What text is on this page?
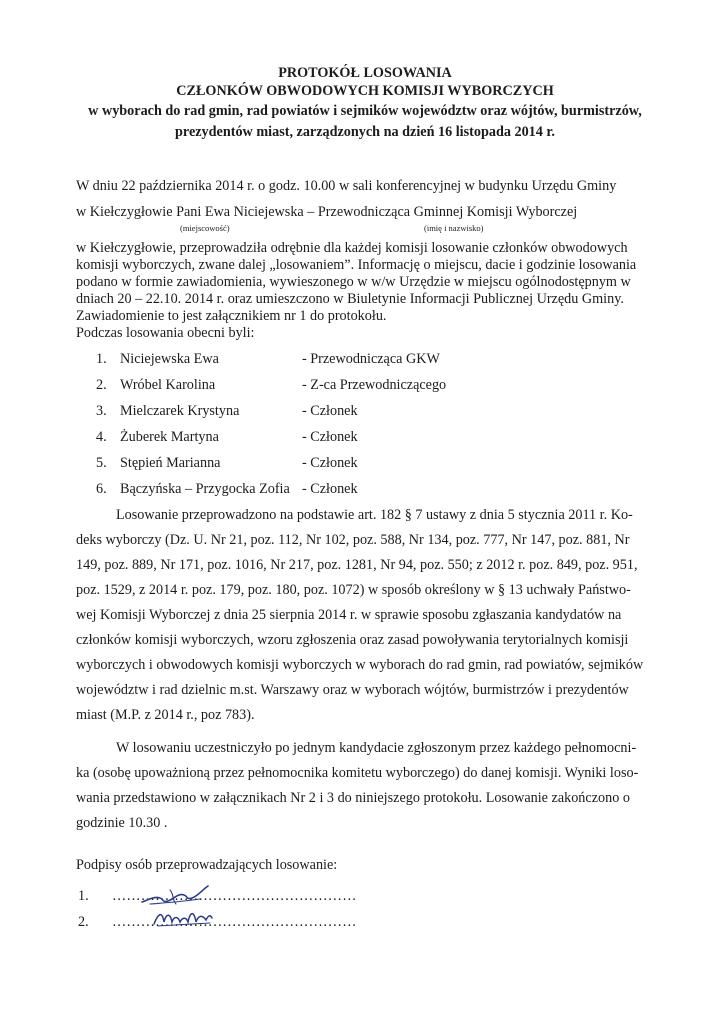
PROTOKÓŁ LOSOWANIA
CZŁONKÓW OBWODOWYCH KOMISJI WYBORCZYCH
w wyborach do rad gmin, rad powiatów i sejmików województw oraz wójtów, burmistrzów,
prezydentów miast, zarządzonych na dzień 16 listopada 2014 r.
W dniu 22 października 2014 r. o godz. 10.00 w sali konferencyjnej w budynku Urzędu Gminy
w Kiełczygłowie Pani Ewa Niciejewska – Przewodnicząca Gminnej Komisji Wyborczej
(miejscowość)	(imię i nazwisko)
w Kiełczygłowie, przeprowadziła odrębnie dla każdej komisji losowanie członków obwodowych
komisji wyborczych, zwane dalej „losowaniem”. Informację o miejscu, dacie i godzinie losowania
podano w formie zawiadomienia, wywieszonego w w/w Urzędzie w miejscu ogólnodostępnym w
dniach 20 – 22.10. 2014 r. oraz umieszczono w Biuletynie Informacji Publicznej Urzędu Gminy.
Zawiadomienie to jest załącznikiem nr 1 do protokołu.
Podczas losowania obecni byli:
1. Niciejewska Ewa	- Przewodnicząca GKW
2. Wróbel Karolina	- Z-ca Przewodniczącego
3. Mielczarek Krystyna	- Członek
4. Żuberek Martyna	- Członek
5. Stępień Marianna	- Członek
6. Bączyńska – Przygocka Zofia - Członek
Losowanie przeprowadzono na podstawie art. 182 § 7 ustawy z dnia 5 stycznia 2011 r. Ko-
deks wyborczy (Dz. U. Nr 21, poz. 112, Nr 102, poz. 588, Nr 134, poz. 777, Nr 147, poz. 881, Nr
149, poz. 889, Nr 171, poz. 1016, Nr 217, poz. 1281, Nr 94, poz. 550; z 2012 r. poz. 849, poz. 951,
poz. 1529, z 2014 r. poz. 179, poz. 180, poz. 1072) w sposób określony w § 13 uchwały Państwo-
wej Komisji Wyborczej z dnia 25 sierpnia 2014 r. w sprawie sposobu zgłaszania kandydatów na
członków komisji wyborczych, wzoru zgłoszenia oraz zasad powoływania terytorialnych komisji
wyborczych i obwodowych komisji wyborczych w wyborach do rad gmin, rad powiatów, sejmików
województw i rad dzielnic m.st. Warszawy oraz w wyborach wójtów, burmistrzów i prezydentów
miast (M.P. z 2014 r., poz 783).
W losowaniu uczestniczyło po jednym kandydacie zgłoszonym przez każdego pełnomocni-
ka (osobę upoważnioną przez pełnomocnika komitetu wyborczego) do danej komisji. Wyniki loso-
wania przedstawiono w załącznikach Nr 2 i 3 do niniejszego protokołu. Losowanie zakończono o
godzinie 10.30 .
Podpisy osób przeprowadzających losowanie:
1. ……………………………………………
2. ……………………………………………
